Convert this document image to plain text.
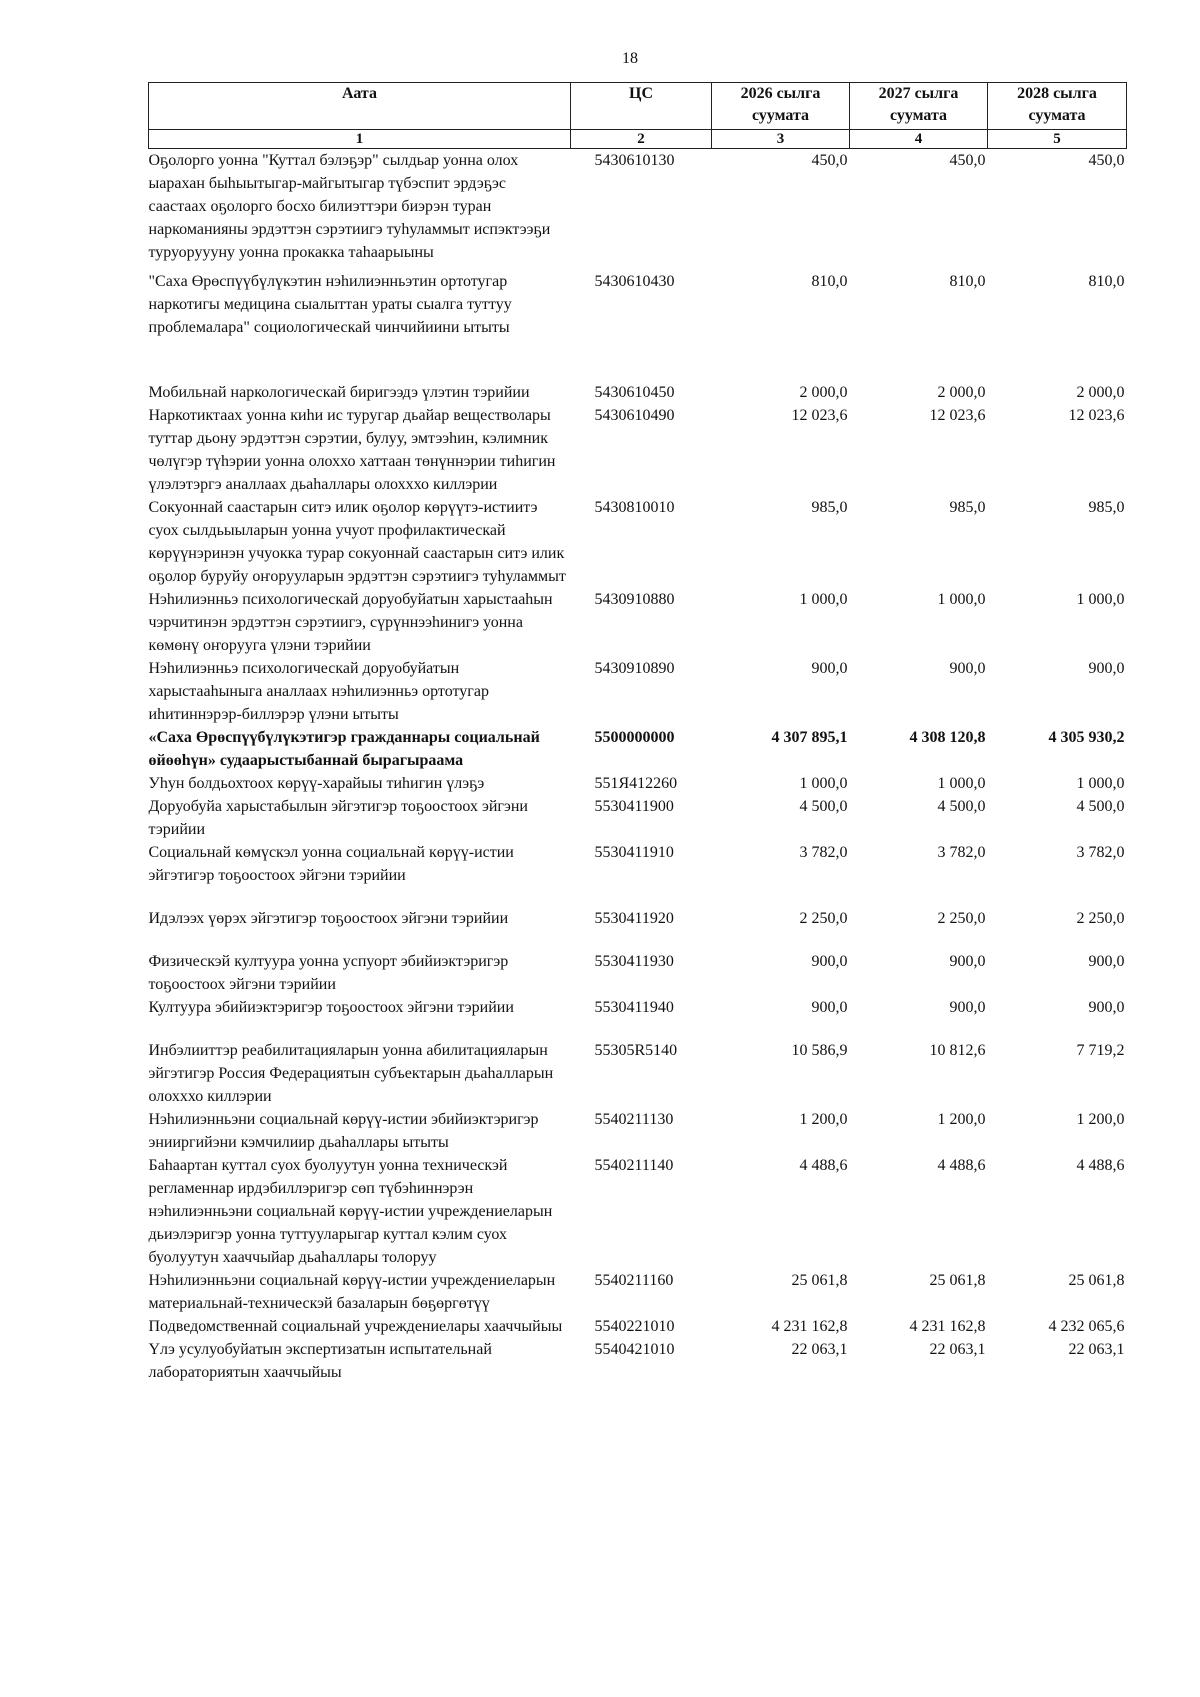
18
Аата	ЦС	2026 сылга суумата	2027 сылга суумата	2028 сылга суумата
1	2	3	4	5
Оҕолорго уонна "Куттал бэлэҕэр" сылдьар уонна олох ыарахан быһыытыгар-майгытыгар түбэспит эрдэҕэс саастаах оҕолорго босхо билиэттэри биэрэн туран наркоманияны эрдэттэн сэрэтиигэ туһуламмыт испэктээҕи туруоруууну уонна прокакка таһаарыыны	5430610130	450,0	450,0	450,0
"Саха Өрөспүүбүлүкэтин нэһилиэнньэтин ортотугар наркотигы медицина сыалыттан ураты сыалга туттуу проблемалара" социологическай чинчийиини ытыты	5430610430	810,0	810,0	810,0
Мобильнай наркологическай биригээдэ үлэтин тэрийии	5430610450	2 000,0	2 000,0	2 000,0
Наркотиктаах уонна киһи ис туругар дьайар веществолары туттар дьону эрдэттэн сэрэтии, булуу, эмтээһин, кэлимник чөлүгэр түһэрии уонна олоххо хаттаан төнүннэрии тиһигин үлэлэтэргэ аналлаах дьаһаллары олохххо киллэрии	5430610490	12 023,6	12 023,6	12 023,6
Сокуоннай саастарын ситэ илик оҕолор көрүүтэ-истиитэ суох сылдьыыларын уонна учуот профилактическай көрүүнэринэн учуокка турар сокуоннай саастарын ситэ илик оҕолор буруйу оҥорууларын эрдэттэн сэрэтиигэ туһуламмыт	5430810010	985,0	985,0	985,0
Нэһилиэнньэ психологическай доруобуйатын харыстааһын чэрчитинэн эрдэттэн сэрэтиигэ, сүрүннээһинигэ уонна көмөнү оҥорууга үлэни тэрийии	5430910880	1 000,0	1 000,0	1 000,0
Нэһилиэнньэ психологическай доруобуйатын харыстааһыныга аналлаах нэһилиэнньэ ортотугар иһитиннэрэр-биллэрэр үлэни ытыты	5430910890	900,0	900,0	900,0
«Саха Өрөспүүбүлүкэтигэр гражданнары социальнай өйөөһүн» судаарыстыбаннай бырагыраама	5500000000	4 307 895,1	4 308 120,8	4 305 930,2
Уһун болдьохтоох көрүү-харайыы тиһигин үлэҕэ	551Я412260	1 000,0	1 000,0	1 000,0
Доруобуйа харыстабылын эйгэтигэр тоҕоостоох эйгэни тэрийии	5530411900	4 500,0	4 500,0	4 500,0
Социальнай көмүскэл уонна социальнай көрүү-истии эйгэтигэр тоҕоостоох эйгэни тэрийии	5530411910	3 782,0	3 782,0	3 782,0
Идэлээх үөрэх эйгэтигэр тоҕоостоох эйгэни тэрийии	5530411920	2 250,0	2 250,0	2 250,0
Физическэй култуура уонна успуорт эбийиэктэригэр тоҕоостоох эйгэни тэрийии	5530411930	900,0	900,0	900,0
Култуура эбийиэктэригэр тоҕоостоох эйгэни тэрийии	5530411940	900,0	900,0	900,0
Инбэлииттэр реабилитацияларын уонна абилитацияларын эйгэтигэр Россия Федерациятын субъектарын дьаһалларын олохххо киллэрии	55305R5140	10 586,9	10 812,6	7 719,2
Нэһилиэнньэни социальнай көрүү-истии эбийиэктэригэр энииргийэни кэмчилиир дьаһаллары ытыты	5540211130	1 200,0	1 200,0	1 200,0
Баһаартан куттал суох буолуутун уонна техническэй регламеннар ирдэбиллэригэр сөп түбэһиннэрэн нэһилиэнньэни социальнай көрүү-истии учреждениеларын дьиэлэригэр уонна туттууларыгар куттал кэлим суох буолуутун хааччыйар дьаһаллары толоруу	5540211140	4 488,6	4 488,6	4 488,6
Нэһилиэнньэни социальнай көрүү-истии учреждениеларын материальнай-техническэй базаларын бөҕөргөтүү	5540211160	25 061,8	25 061,8	25 061,8
Подведомственнай социальнай учреждениелары хааччыйыы	5540221010	4 231 162,8	4 231 162,8	4 232 065,6
Үлэ усулуобуйатын экспертизатын испытательнай лабораториятын хааччыйыы	5540421010	22 063,1	22 063,1	22 063,1
